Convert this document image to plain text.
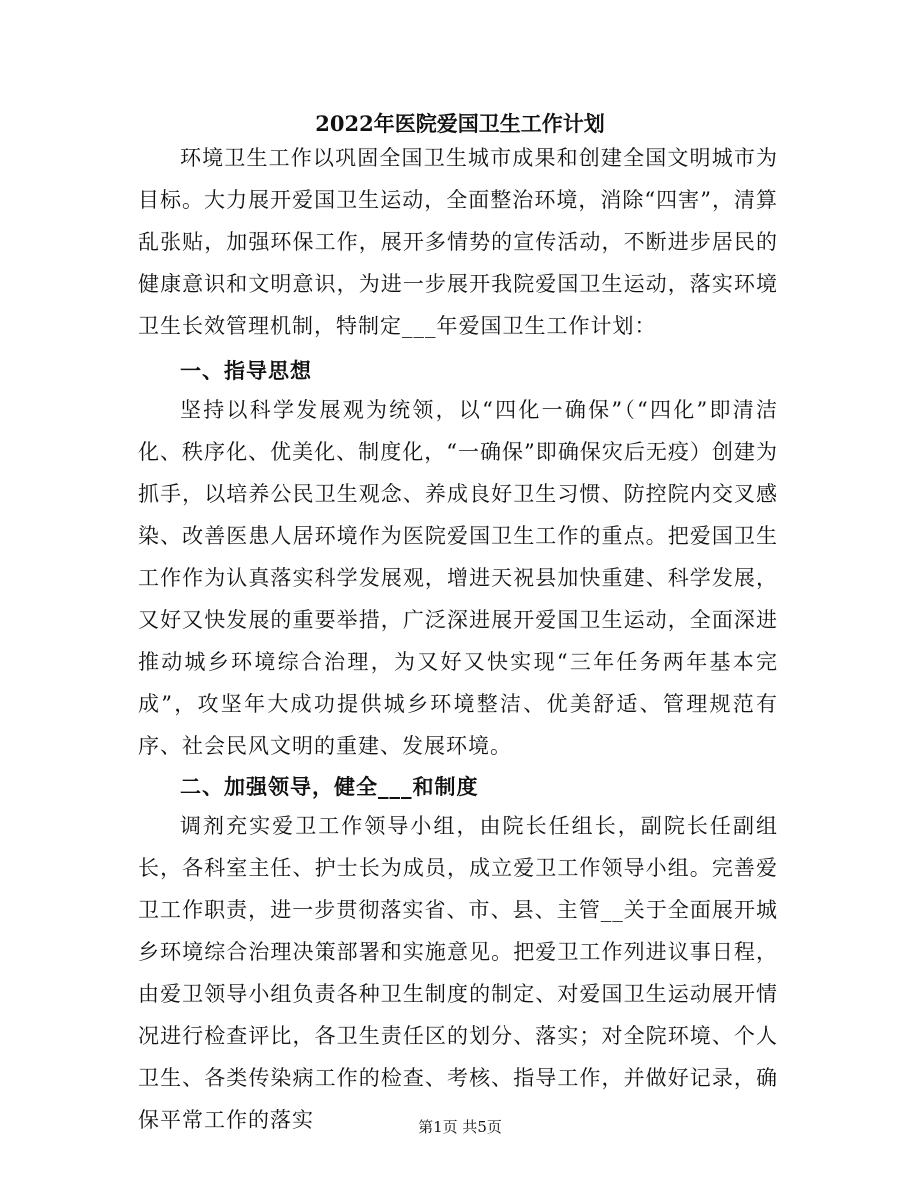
2022年医院爱国卫生工作计划
环境卫生工作以巩固全国卫生城市成果和创建全国文明城市为目标。大力展开爱国卫生运动，全面整治环境，消除“四害”，清算乱张贴，加强环保工作，展开多情势的宣传活动，不断进步居民的健康意识和文明意识，为进一步展开我院爱国卫生运动，落实环境卫生长效管理机制，特制定___年爱国卫生工作计划：
一、指导思想
坚持以科学发展观为统领，以“四化一确保”（“四化”即清洁化、秩序化、优美化、制度化，“一确保”即确保灾后无疫）创建为抓手，以培养公民卫生观念、养成良好卫生习惯、防控院内交叉感染、改善医患人居环境作为医院爱国卫生工作的重点。把爱国卫生工作作为认真落实科学发展观，增进天祝县加快重建、科学发展，又好又快发展的重要举措，广泛深进展开爱国卫生运动，全面深进推动城乡环境综合治理，为又好又快实现“三年任务两年基本完成”，攻坚年大成功提供城乡环境整洁、优美舒适、管理规范有序、社会民风文明的重建、发展环境。
二、加强领导，健全___和制度
调剂充实爱卫工作领导小组，由院长任组长，副院长任副组长，各科室主任、护士长为成员，成立爱卫工作领导小组。完善爱卫工作职责，进一步贯彻落实省、市、县、主管__关于全面展开城乡环境综合治理决策部署和实施意见。把爱卫工作列进议事日程，由爱卫领导小组负责各种卫生制度的制定、对爱国卫生运动展开情况进行检查评比，各卫生责任区的划分、落实；对全院环境、个人卫生、各类传染病工作的检查、考核、指导工作，并做好记录，确保平常工作的落实	第1页 共5页
